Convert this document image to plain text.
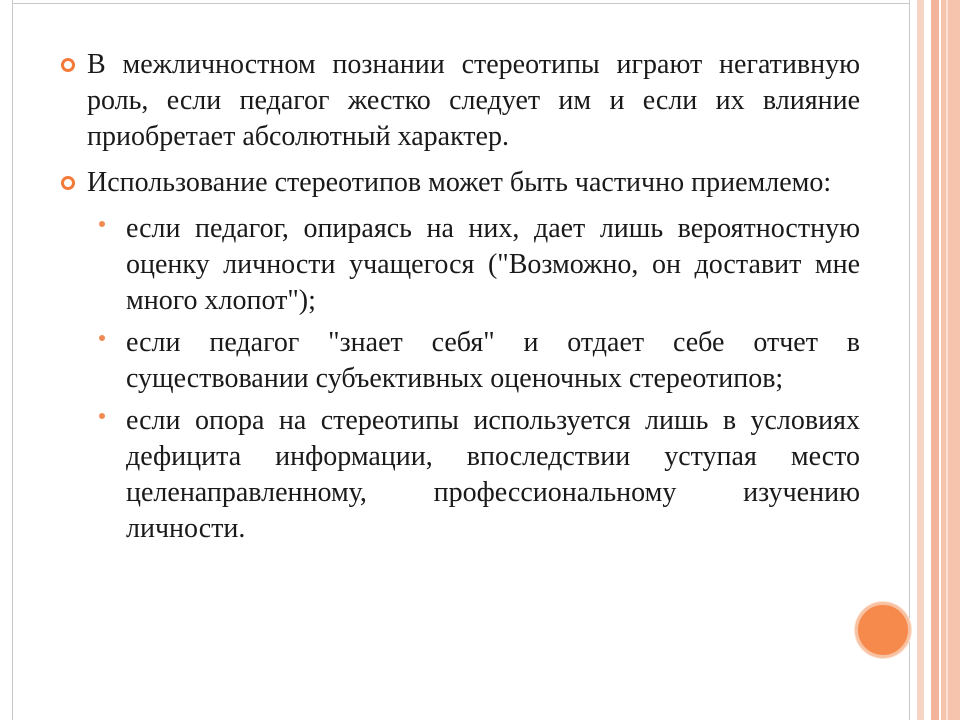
В межличностном познании стереотипы играют негативную роль, если педагог жестко следует им и если их влияние приобретает абсолютный характер.
Использование стереотипов может быть частично приемлемо:
если педагог, опираясь на них, дает лишь вероятностную оценку личности учащегося ("Возможно, он доставит мне много хлопот");
если педагог "знает себя" и отдает себе отчет в существовании субъективных оценочных стереотипов;
если опора на стереотипы используется лишь в условиях дефицита информации, впоследствии уступая место целенаправленному, профессиональному изучению личности.
